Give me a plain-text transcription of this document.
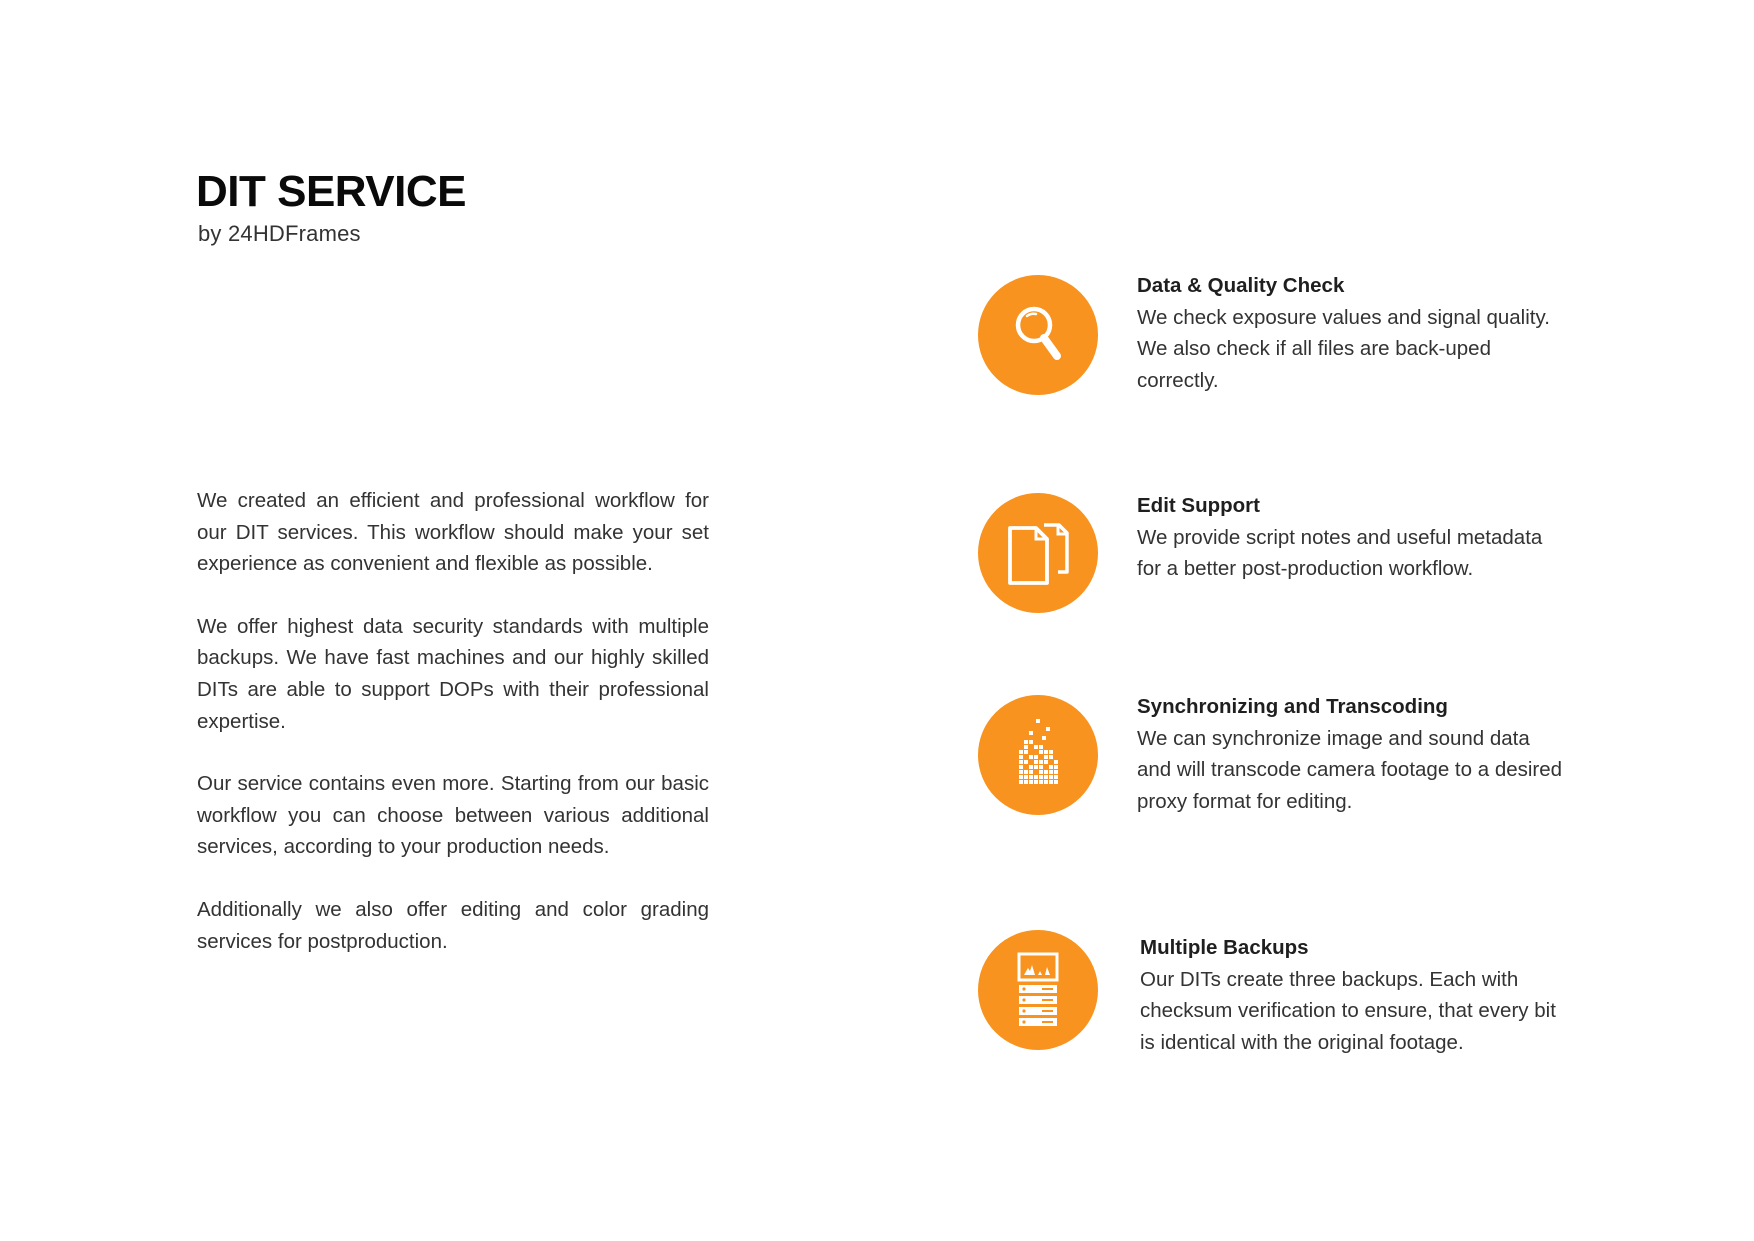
DIT SERVICE
by 24HDFrames

We created an efficient and professional workflow for our DIT services. This workflow should make your set experience as convenient and flexible as possible.

We offer highest data security standards with multiple backups. We have fast machines and our highly skilled DITs are able to support DOPs with their professional expertise.

Our service contains even more. Starting from our basic workflow you can choose between various additional services, according to your production needs.

Additionally we also offer editing and color grading services for postproduction.

Data & Quality Check
We check exposure values and signal quality. We also check if all files are back-uped correctly.
Edit Support
We provide script notes and useful metadata for a better post-production workflow.
Synchronizing and Transcoding
We can synchronize image and sound data and will transcode camera footage to a desired proxy format for editing.
Multiple Backups
Our DITs create three backups. Each with checksum verification to ensure, that every bit is identical with the original footage.
